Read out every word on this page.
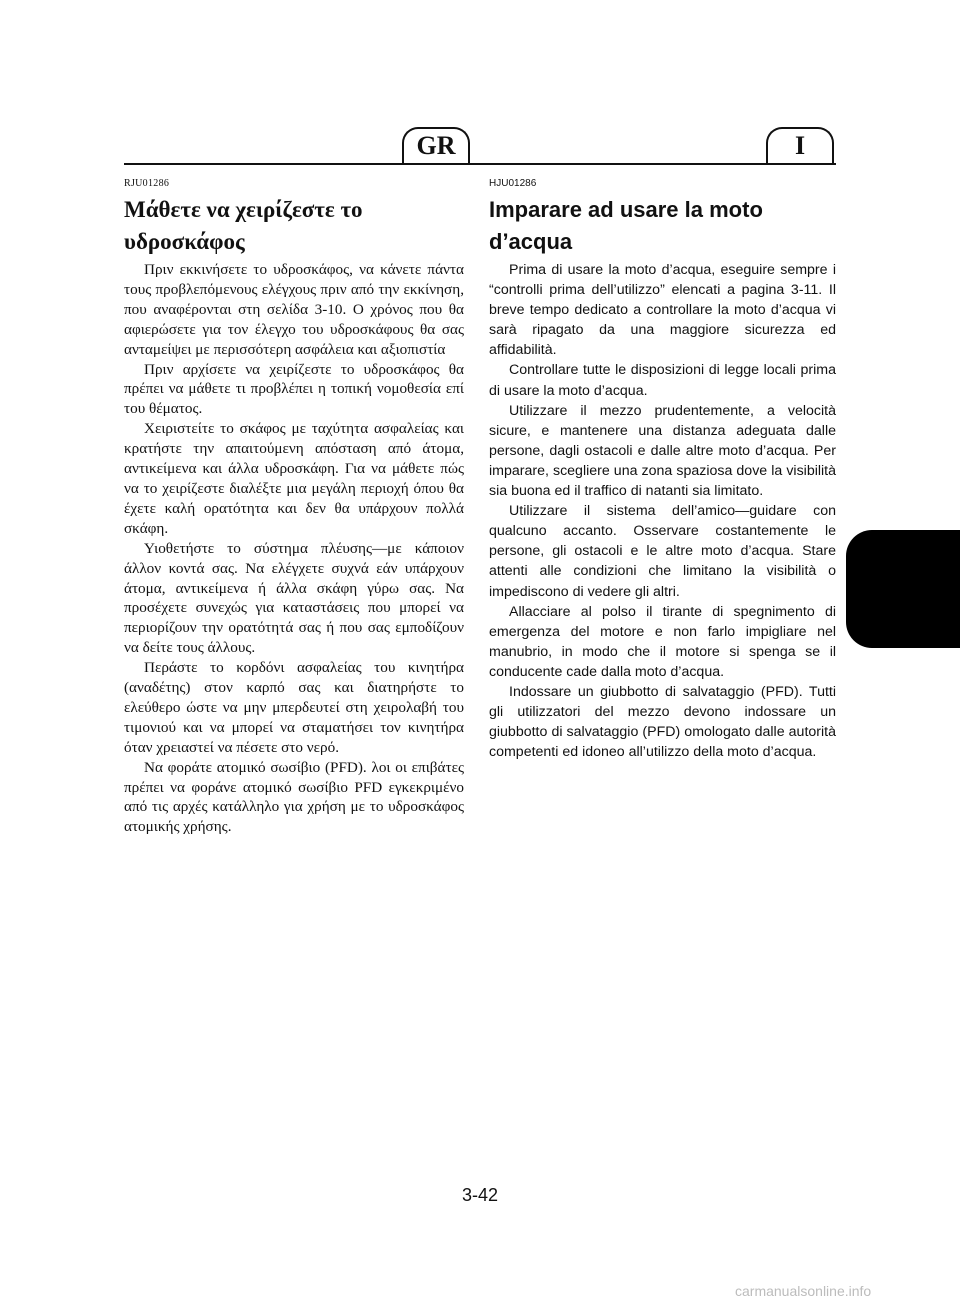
GR	I
RJU01286
Μάθετε να χειρίζεστε το υδροσκάφος

Πριν εκκινήσετε το υδροσκάφος, να κάνετε πάντα τους προβλεπόμενους ελέγχους πριν από την εκκίνηση, που αναφέρονται στη σελίδα 3-10. Ο χρόνος που θα αφιερώσετε για τον έλεγχο του υδροσκάφους θα σας ανταμείψει με περισσότερη ασφάλεια και αξιοπιστία

Πριν αρχίσετε να χειρίζεστε το υδροσκάφος θα πρέπει να μάθετε τι προβλέπει η τοπική νομοθεσία επί του θέματος.

Χειριστείτε το σκάφος με ταχύτητα ασφαλείας και κρατήστε την απαιτούμενη απόσταση από άτομα, αντικείμενα και άλλα υδροσκάφη. Για να μάθετε πώς να το χειρίζεστε διαλέξτε μια μεγάλη περιοχή όπου θα έχετε καλή ορατότητα και δεν θα υπάρχουν πολλά σκάφη.

Υιοθετήστε το σύστημα πλέυσης—με κάποιον άλλον κοντά σας. Να ελέγχετε συχνά εάν υπάρχουν άτομα, αντικείμενα ή άλλα σκάφη γύρω σας. Να προσέχετε συνεχώς για καταστάσεις που μπορεί να περιορίζουν την ορατότητά σας ή που σας εμποδίζουν να δείτε τους άλλους.

Περάστε το κορδόνι ασφαλείας του κινητήρα (αναδέτης) στον καρπό σας και διατηρήστε το ελεύθερο ώστε να μην μπερδευτεί στη χειρολαβή του τιμονιού και να μπορεί να σταματήσει τον κινητήρα όταν χρειαστεί να πέσετε στο νερό.

Να φοράτε ατομικό σωσίβιο (PFD). λοι οι επιβάτες πρέπει να φοράνε ατομικό σωσίβιο PFD εγκεκριμένο από τις αρχές κατάλληλο για χρήση με το υδροσκάφος ατομικής χρήσης.

HJU01286
Imparare ad usare la moto d’acqua

Prima di usare la moto d’acqua, eseguire sempre i “controlli prima dell’utilizzo” elencati a pagina 3-11. Il breve tempo dedicato a controllare la moto d’acqua vi sarà ripagato da una maggiore sicurezza ed affidabilità.

Controllare tutte le disposizioni di legge locali prima di usare la moto d’acqua.

Utilizzare il mezzo prudentemente, a velocità sicure, e mantenere una distanza adeguata dalle persone, dagli ostacoli e dalle altre moto d’acqua. Per imparare, scegliere una zona spaziosa dove la visibilità sia buona ed il traffico di natanti sia limitato.

Utilizzare il sistema dell’amico—guidare con qualcuno accanto. Osservare costantemente le persone, gli ostacoli e le altre moto d’acqua. Stare attenti alle condizioni che limitano la visibilità o impediscono di vedere gli altri.

Allacciare al polso il tirante di spegnimento di emergenza del motore e non farlo impigliare nel manubrio, in modo che il motore si spenga se il conducente cade dalla moto d’acqua.

Indossare un giubbotto di salvataggio (PFD). Tutti gli utilizzatori del mezzo devono indossare un giubbotto di salvataggio (PFD) omologato dalle autorità competenti ed idoneo all’utilizzo della moto d’acqua.

3-42
carmanualsonline.info
